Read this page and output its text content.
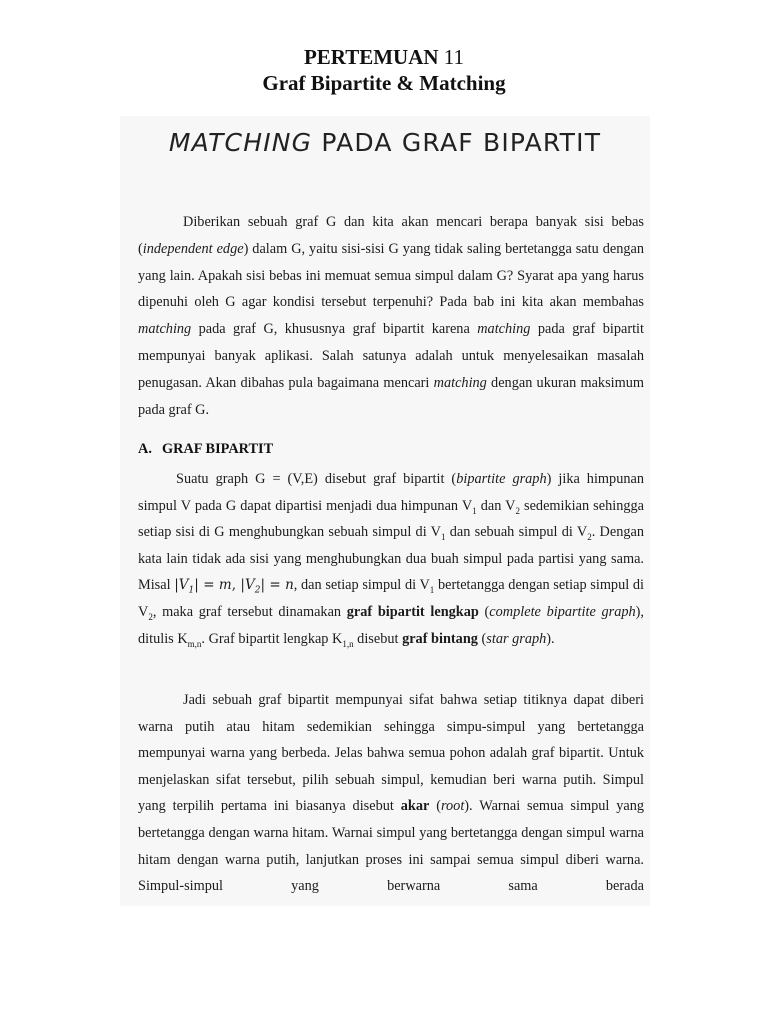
PERTEMUAN 11
Graf Bipartite & Matching
MATCHING PADA GRAF BIPARTIT

Diberikan sebuah graf G dan kita akan mencari berapa banyak sisi bebas (independent edge) dalam G, yaitu sisi-sisi G yang tidak saling bertetangga satu dengan yang lain. Apakah sisi bebas ini memuat semua simpul dalam G? Syarat apa yang harus dipenuhi oleh G agar kondisi tersebut terpenuhi? Pada bab ini kita akan membahas matching pada graf G, khususnya graf bipartit karena matching pada graf bipartit mempunyai banyak aplikasi. Salah satunya adalah untuk menyelesaikan masalah penugasan. Akan dibahas pula bagaimana mencari matching dengan ukuran maksimum pada graf G.

A. GRAF BIPARTIT

Suatu graph G = (V,E) disebut graf bipartit (bipartite graph) jika himpunan simpul V pada G dapat dipartisi menjadi dua himpunan $V_1$ dan $V_2$ sedemikian sehingga setiap sisi di G menghubungkan sebuah simpul di $V_1$ dan sebuah simpul di $V_2$. Dengan kata lain tidak ada sisi yang menghubungkan dua buah simpul pada partisi yang sama. Misal $|V_1| = m$, $|V_2| = n$, dan setiap simpul di $V_1$ bertetangga dengan setiap simpul di $V_2$, maka graf tersebut dinamakan graf bipartit lengkap (complete bipartite graph), ditulis $K_{m,n}$. Graf bipartit lengkap $K_{1,n}$ disebut graf bintang (star graph).

Jadi sebuah graf bipartit mempunyai sifat bahwa setiap titiknya dapat diberi warna putih atau hitam sedemikian sehingga simpu-simpul yang bertetangga mempunyai warna yang berbeda. Jelas bahwa semua pohon adalah graf bipartit. Untuk menjelaskan sifat tersebut, pilih sebuah simpul, kemudian beri warna putih. Simpul yang terpilih pertama ini biasanya disebut akar (root). Warnai semua simpul yang bertetangga dengan warna hitam. Warnai simpul yang bertetangga dengan simpul warna hitam dengan warna putih, lanjutkan proses ini sampai semua simpul diberi warna. Simpul-simpul yang berwarna sama berada
